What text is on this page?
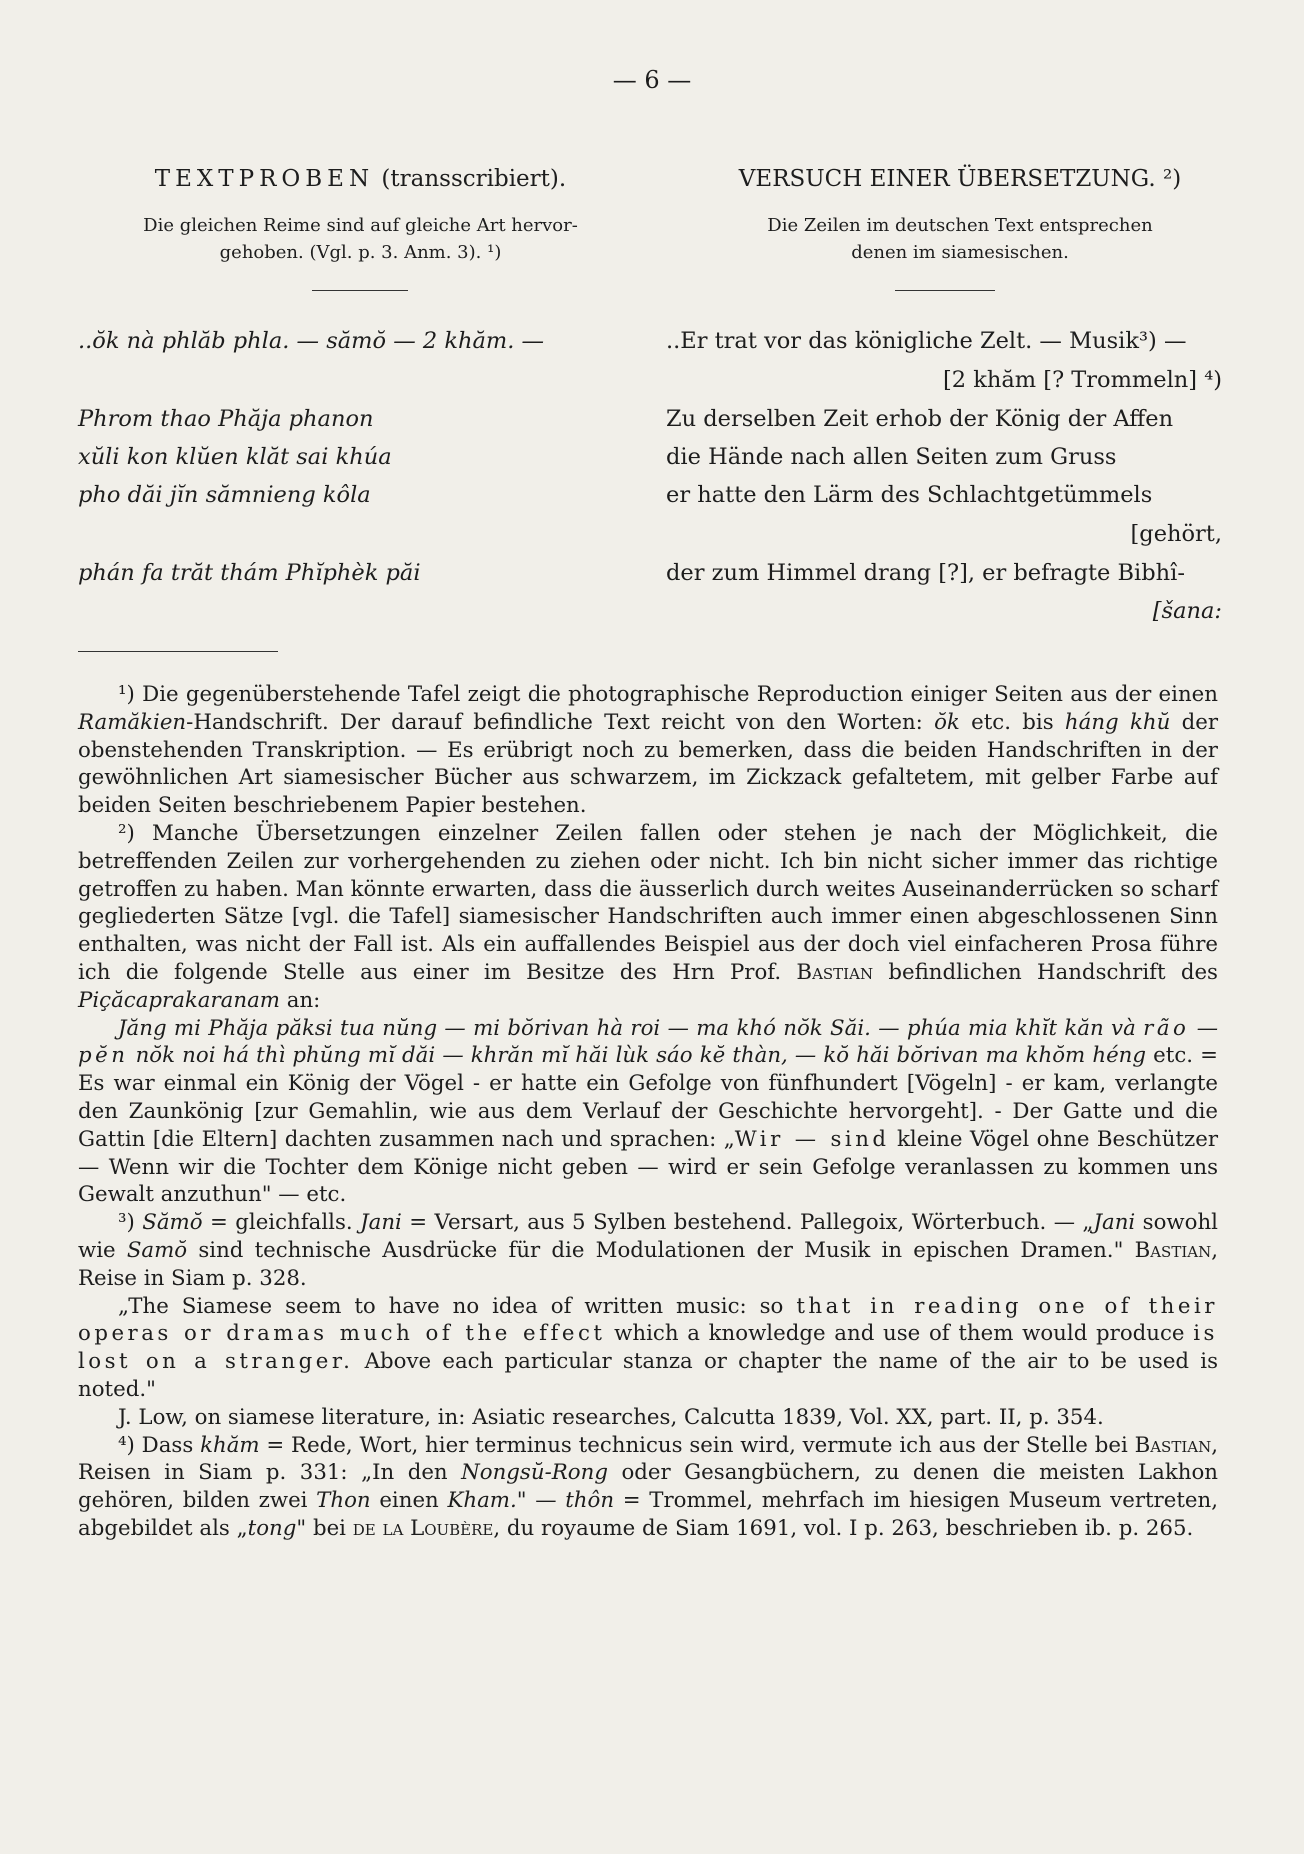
— 6 —
TEXTPROBEN (transscribiert).	VERSUCH EINER ÜBERSETZUNG. ²)
Die gleichen Reime sind auf gleiche Art hervor-
gehoben. (Vgl. p. 3. Anm. 3). ¹)
Die Zeilen im deutschen Text entsprechen
denen im siamesischen.
..ŏk nà phlăb phla. — sămŏ — 2 khăm. —
Phrom thao Phăja phanon
xŭli kon klŭen klăt sai khúa
pho dăi jĭn sămnieng kôla
phán fa trăt thám Phĭphèk păi
..Er trat vor das königliche Zelt. — Musik³) —
[2 khăm [? Trommeln] ⁴)
Zu derselben Zeit erhob der König der Affen
die Hände nach allen Seiten zum Gruss
er hatte den Lärm des Schlachtgetümmels
[gehört,
der zum Himmel drang [?], er befragte Bibhî-
[šana:

¹) Die gegenüberstehende Tafel zeigt die photographische Reproduction einiger Seiten aus der einen Ramăkien-Handschrift. Der darauf befindliche Text reicht von den Worten: ŏk etc. bis háng khŭ der obenstehenden Transkription. — Es erübrigt noch zu bemerken, dass die beiden Handschriften in der gewöhnlichen Art siamesischer Bücher aus schwarzem, im Zickzack gefaltetem, mit gelber Farbe auf beiden Seiten beschriebenem Papier bestehen.

²) Manche Übersetzungen einzelner Zeilen fallen oder stehen je nach der Möglichkeit, die betreffenden Zeilen zur vorhergehenden zu ziehen oder nicht. Ich bin nicht sicher immer das richtige getroffen zu haben. Man könnte erwarten, dass die äusserlich durch weites Auseinanderrücken so scharf gegliederten Sätze [vgl. die Tafel] siamesischer Handschriften auch immer einen abgeschlossenen Sinn enthalten, was nicht der Fall ist. Als ein auffallendes Beispiel aus der doch viel einfacheren Prosa führe ich die folgende Stelle aus einer im Besitze des Hrn Prof. Bastian befindlichen Handschrift des Piçăcaprakaranam an:

Jăng mi Phăja păksi tua nŭng — mi bŏrivan hà roi — ma khó nŏk Săi. — phúa mia khĭt kăn và rão — pĕn nŏk noi há thì phŭng mĭ dăi — khrăn mĭ hăi lùk sáo kĕ thàn, — kŏ hăi bŏrivan ma khŏm héng etc. = Es war einmal ein König der Vögel - er hatte ein Gefolge von fünfhundert [Vögeln] - er kam, verlangte den Zaunkönig [zur Gemahlin, wie aus dem Verlauf der Geschichte hervorgeht]. - Der Gatte und die Gattin [die Eltern] dachten zusammen nach und sprachen: „Wir — sind kleine Vögel ohne Beschützer — Wenn wir die Tochter dem Könige nicht geben — wird er sein Gefolge veranlassen zu kommen uns Gewalt anzuthun" — etc.

³) Sămŏ = gleichfalls. Jani = Versart, aus 5 Sylben bestehend. Pallegoix, Wörterbuch. — „Jani sowohl wie Samŏ sind technische Ausdrücke für die Modulationen der Musik in epischen Dramen." Bastian, Reise in Siam p. 328.

„The Siamese seem to have no idea of written music: so that in reading one of their operas or dramas much of the effect which a knowledge and use of them would produce is lost on a stranger. Above each particular stanza or chapter the name of the air to be used is noted."

J. Low, on siamese literature, in: Asiatic researches, Calcutta 1839, Vol. XX, part. II, p. 354.

⁴) Dass khăm = Rede, Wort, hier terminus technicus sein wird, vermute ich aus der Stelle bei Bastian, Reisen in Siam p. 331: „In den Nongsŭ-Rong oder Gesangbüchern, zu denen die meisten Lakhon gehören, bilden zwei Thon einen Kham." — thôn = Trommel, mehrfach im hiesigen Museum vertreten, abgebildet als „tong" bei de la Loubère, du royaume de Siam 1691, vol. I p. 263, beschrieben ib. p. 265.
